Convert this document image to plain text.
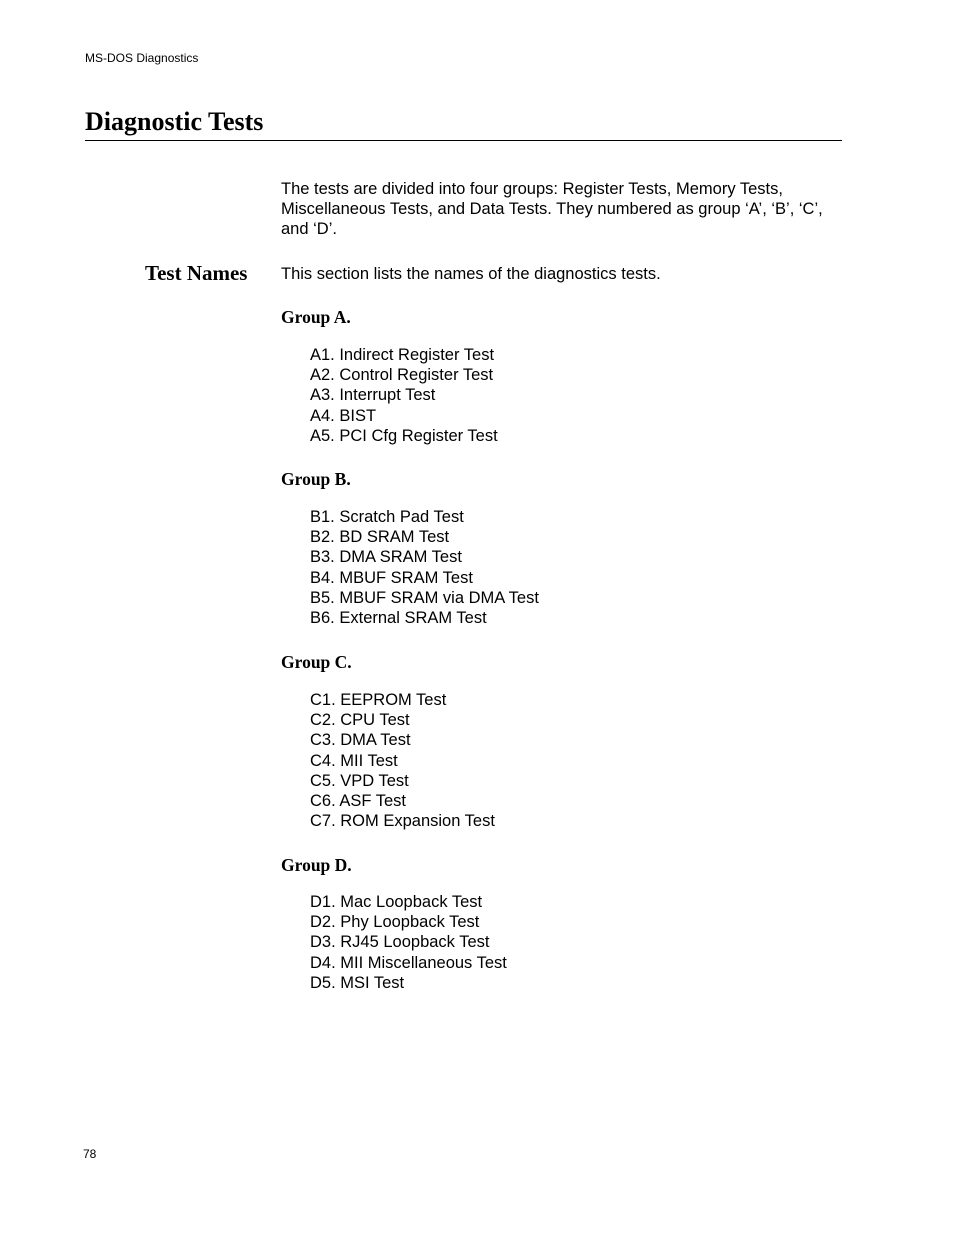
MS-DOS Diagnostics
Diagnostic Tests

The tests are divided into four groups: Register Tests, Memory Tests, Miscellaneous Tests, and Data Tests. They numbered as group ‘A’, ‘B’, ‘C’, and ‘D’.

Test Names This section lists the names of the diagnostics tests.

Group A.
A1. Indirect Register Test
A2. Control Register Test
A3. Interrupt Test
A4. BIST
A5. PCI Cfg Register Test
Group B.
B1. Scratch Pad Test
B2. BD SRAM Test
B3. DMA SRAM Test
B4. MBUF SRAM Test
B5. MBUF SRAM via DMA Test
B6. External SRAM Test
Group C.
C1. EEPROM Test
C2. CPU Test
C3. DMA Test
C4. MII Test
C5. VPD Test
C6. ASF Test
C7. ROM Expansion Test
Group D.
D1. Mac Loopback Test
D2. Phy Loopback Test
D3. RJ45 Loopback Test
D4. MII Miscellaneous Test
D5. MSI Test
78
